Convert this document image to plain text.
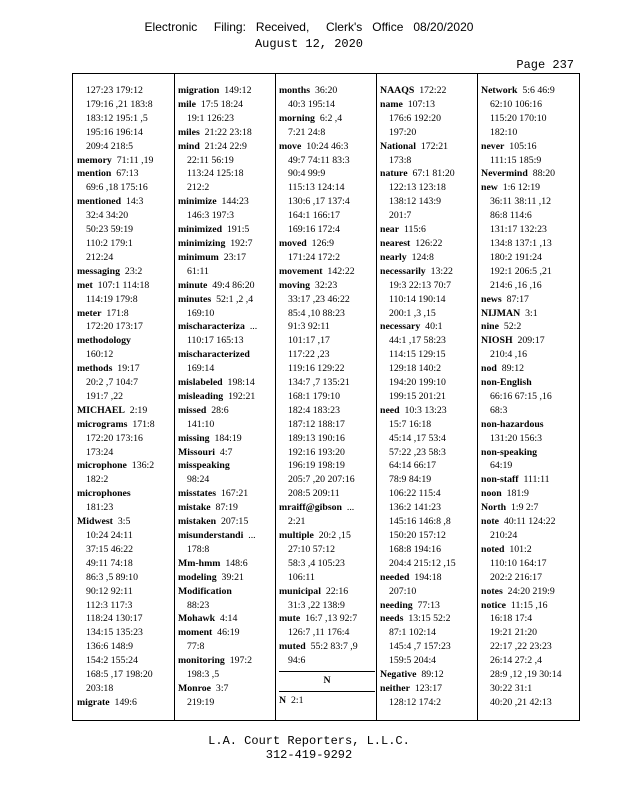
Electronic     Filing:   Received,     Clerk's   Office   08/20/2020
August 12, 2020
Page 237
127:23 179:12
179:16 ,21 183:8
183:12 195:1 ,5
195:16 196:14
209:4 218:5
memory  71:11 ,19
mention  67:13
69:6 ,18 175:16
mentioned  14:3
32:4 34:20
50:23 59:19
110:2 179:1
212:24
messaging  23:2
met  107:1 114:18
114:19 179:8
meter  171:8
172:20 173:17
methodology
160:12
methods  19:17
20:2 ,7 104:7
191:7 ,22
MICHAEL  2:19
micrograms  171:8
172:20 173:16
173:24
microphone  136:2
182:2
microphones
181:23
Midwest  3:5
10:24 24:11
37:15 46:22
49:11 74:18
86:3 ,5 89:10
90:12 92:11
112:3 117:3
118:24 130:17
134:15 135:23
136:6 148:9
154:2 155:24
168:5 ,17 198:20
203:18
migrate  149:6
migration  149:12
mile  17:5 18:24
19:1 126:23
miles  21:22 23:18
mind  21:24 22:9
22:11 56:19
113:24 125:18
212:2
minimize  144:23
146:3 197:3
minimized  191:5
minimizing  192:7
minimum  23:17
61:11
minute  49:4 86:20
minutes  52:1 ,2 ,4
169:10
mischaracteriza  ...
110:17 165:13
mischaracterized
169:14
mislabeled  198:14
misleading  192:21
missed  28:6
141:10
missing  184:19
Missouri  4:7
misspeaking
98:24
misstates  167:21
mistake  87:19
mistaken  207:15
misunderstandi  ...
178:8
Mm-hmm  148:6
modeling  39:21
Modification
88:23
Mohawk  4:14
moment  46:19
77:8
monitoring  197:2
198:3 ,5
Monroe  3:7
219:19
months  36:20
40:3 195:14
morning  6:2 ,4
7:21 24:8
move  10:24 46:3
49:7 74:11 83:3
90:4 99:9
115:13 124:14
130:6 ,17 137:4
164:1 166:17
169:16 172:4
moved  126:9
171:24 172:2
movement  142:22
moving  32:23
33:17 ,23 46:22
85:4 ,10 88:23
91:3 92:11
101:17 ,17
117:22 ,23
119:16 129:22
134:7 ,7 135:21
168:1 179:10
182:4 183:23
187:12 188:17
189:13 190:16
192:16 193:20
196:19 198:19
205:7 ,20 207:16
208:5 209:11
mraiff@gibson  ...
2:21
multiple  20:2 ,15
27:10 57:12
58:3 ,4 105:23
106:11
municipal  22:16
31:3 ,22 138:9
mute  16:7 ,13 92:7
126:7 ,11 176:4
muted  55:2 83:7 ,9
94:6
N
N  2:1
NAAQS  172:22
name  107:13
176:6 192:20
197:20
National  172:21
173:8
nature  67:1 81:20
122:13 123:18
138:12 143:9
201:7
near  115:6
nearest  126:22
nearly  124:8
necessarily  13:22
19:3 22:13 70:7
110:14 190:14
200:1 ,3 ,15
necessary  40:1
44:1 ,17 58:23
114:15 129:15
129:18 140:2
194:20 199:10
199:15 201:21
need  10:3 13:23
15:7 16:18
45:14 ,17 53:4
57:22 ,23 58:3
64:14 66:17
78:9 84:19
106:22 115:4
136:2 141:23
145:16 146:8 ,8
150:20 157:12
168:8 194:16
204:4 215:12 ,15
needed  194:18
207:10
needing  77:13
needs  13:15 52:2
87:1 102:14
145:4 ,7 157:23
159:5 204:4
Negative  89:12
neither  123:17
128:12 174:2
Network  5:6 46:9
62:10 106:16
115:20 170:10
182:10
never  105:16
111:15 185:9
Nevermind  88:20
new  1:6 12:19
36:11 38:11 ,12
86:8 114:6
131:17 132:23
134:8 137:1 ,13
180:2 191:24
192:1 206:5 ,21
214:6 ,16 ,16
news  87:17
NIJMAN  3:1
nine  52:2
NIOSH  209:17
210:4 ,16
nod  89:12
non-English
66:16 67:15 ,16
68:3
non-hazardous
131:20 156:3
non-speaking
64:19
non-staff  111:11
noon  181:9
North  1:9 2:7
note  40:11 124:22
210:24
noted  101:2
110:10 164:17
202:2 216:17
notes  24:20 219:9
notice  11:15 ,16
16:18 17:4
19:21 21:20
22:17 ,22 23:23
26:14 27:2 ,4
28:9 ,12 ,19 30:14
30:22 31:1
40:20 ,21 42:13
L.A. Court Reporters, L.L.C.
312-419-9292
